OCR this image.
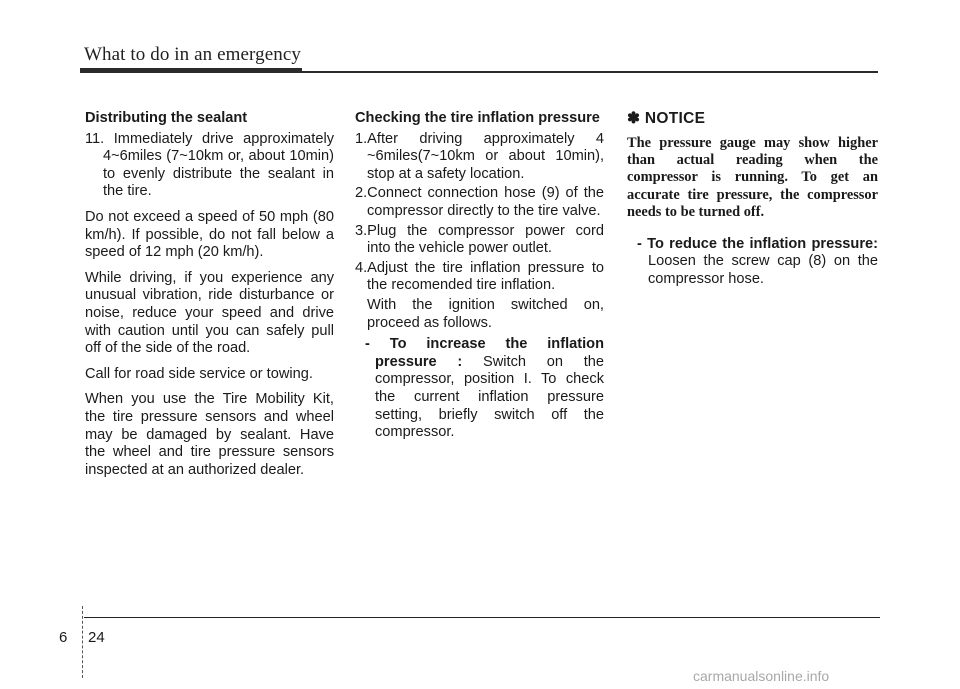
What to do in an emergency

Distributing the sealant

11. Immediately drive approximately 4~6miles (7~10km or, about 10min) to evenly distribute the sealant in the tire.

Do not exceed a speed of 50 mph (80 km/h). If possible, do not fall below a speed of 12 mph (20 km/h).

While driving, if you experience any unusual vibration, ride disturbance or noise, reduce your speed and drive with caution until you can safely pull off of the side of the road.

Call for road side service or towing.

When you use the Tire Mobility Kit, the tire pressure sensors and wheel may be damaged by sealant. Have the wheel and tire pressure sensors inspected at an authorized dealer.

Checking the tire inflation pressure

1.After driving approximately 4 ~6miles(7~10km or about 10min), stop at a safety location.

2.Connect connection hose (9) of the compressor directly to the tire valve.

3.Plug the compressor power cord into the vehicle power outlet.

4.Adjust the tire inflation pressure to the recomended tire inflation.

With the ignition switched on, proceed as follows.

- To increase the inflation pressure : Switch on the compressor, position I. To check the current inflation pressure setting, briefly switch off the compressor.

✽ NOTICE

The pressure gauge may show higher than actual reading when the compressor is running. To get an accurate tire pressure, the compressor needs to be turned off.

- To reduce the inflation pressure: Loosen the screw cap (8) on the compressor hose.

6 24
carmanualsonline.info
